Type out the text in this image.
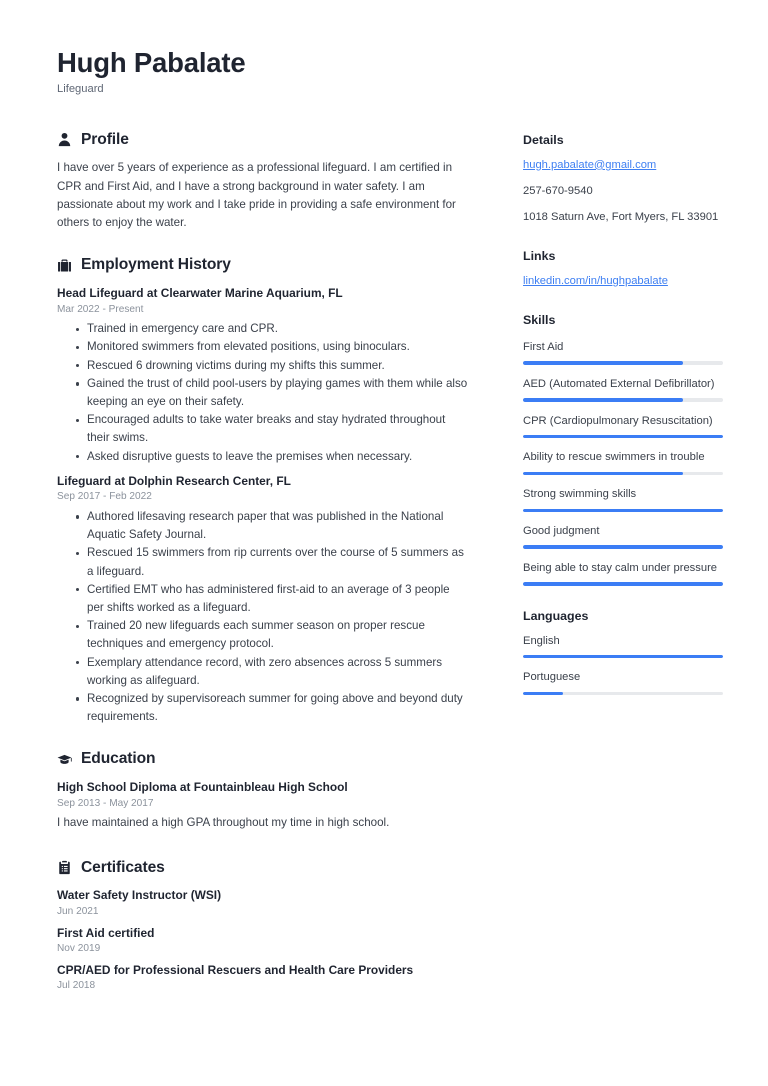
Hugh Pabalate
Lifeguard
Profile

I have over 5 years of experience as a professional lifeguard. I am certified in CPR and First Aid, and I have a strong background in water safety. I am passionate about my work and I take pride in providing a safe environment for others to enjoy the water.

Employment History
Head Lifeguard at Clearwater Marine Aquarium, FL
Mar 2022 - Present
Trained in emergency care and CPR.
Monitored swimmers from elevated positions, using binoculars.
Rescued 6 drowning victims during my shifts this summer.
Gained the trust of child pool-users by playing games with them while also keeping an eye on their safety.
Encouraged adults to take water breaks and stay hydrated throughout their swims.
Asked disruptive guests to leave the premises when necessary.
Lifeguard at Dolphin Research Center, FL
Sep 2017 - Feb 2022
Authored lifesaving research paper that was published in the National Aquatic Safety Journal.
Rescued 15 swimmers from rip currents over the course of 5 summers as a lifeguard.
Certified EMT who has administered first-aid to an average of 3 people per shifts worked as a lifeguard.
Trained 20 new lifeguards each summer season on proper rescue techniques and emergency protocol.
Exemplary attendance record, with zero absences across 5 summers working as alifeguard.
Recognized by supervisoreach summer for going above and beyond duty requirements.
Education
High School Diploma at Fountainbleau High School
Sep 2013 - May 2017

I have maintained a high GPA throughout my time in high school.

Certificates
Water Safety Instructor (WSI)
Jun 2021
First Aid certified
Nov 2019
CPR/AED for Professional Rescuers and Health Care Providers
Jul 2018
Details
hugh.pabalate@gmail.com
257-670-9540
1018 Saturn Ave, Fort Myers, FL 33901
Links
linkedin.com/in/hughpabalate
Skills
First Aid
AED (Automated External Defibrillator)
CPR (Cardiopulmonary Resuscitation)
Ability to rescue swimmers in trouble
Strong swimming skills
Good judgment
Being able to stay calm under pressure
Languages
English
Portuguese
